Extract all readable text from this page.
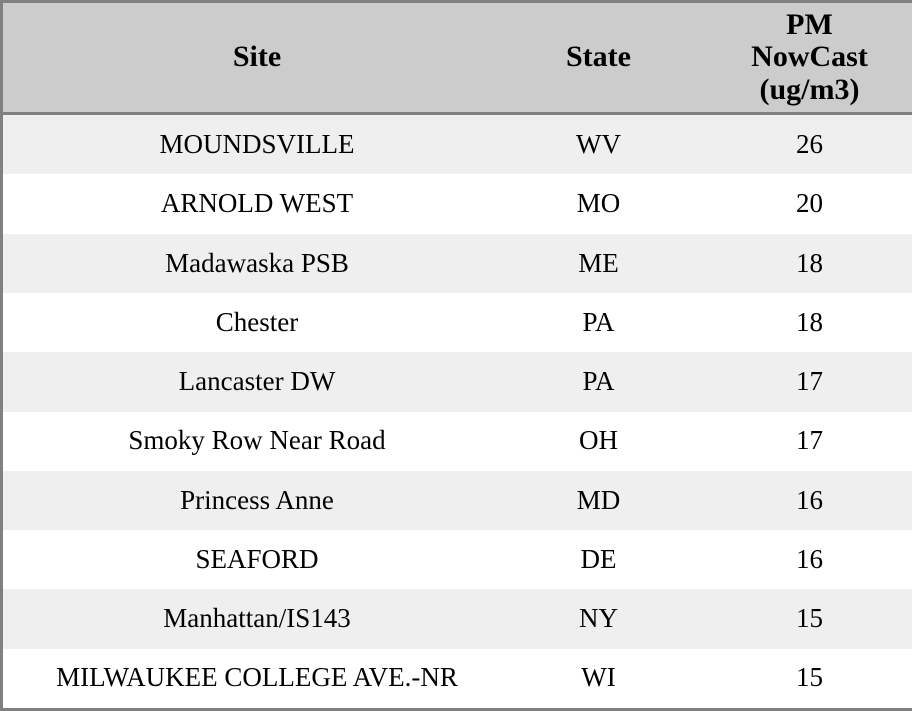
Site	State	PM
NowCast
(ug/m3)

MOUNDSVILLE	WV	26
ARNOLD WEST	MO	20
Madawaska PSB	ME	18
Chester	PA	18
Lancaster DW	PA	17
Smoky Row Near Road	OH	17
Princess Anne	MD	16
SEAFORD	DE	16
Manhattan/IS143	NY	15
MILWAUKEE COLLEGE AVE.-NR	WI	15
